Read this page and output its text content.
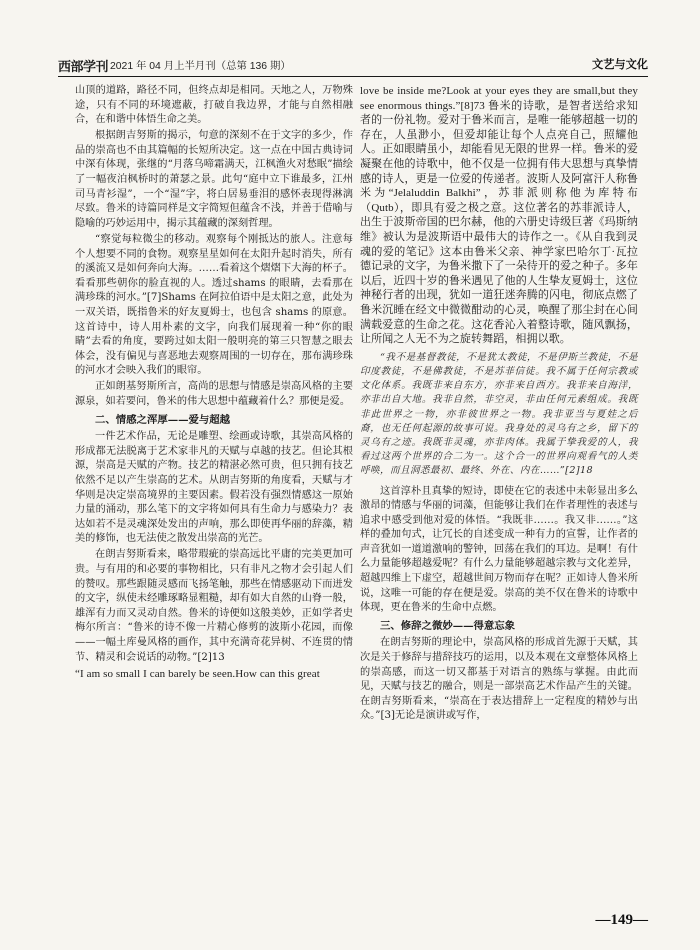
西部学刊 2021 年 04 月上半月刊（总第 136 期）	文艺与文化

山顶的道路，路径不同，但终点却是相同。天地之人，万物殊途，只有不同的环境遮蔽，打破自我边界，才能与自然相融合，在和谐中体悟生命之美。

根据朗吉努斯的揭示，句意的深刻不在于文字的多少，作品的崇高也不由其篇幅的长短所决定。这一点在中国古典诗词中深有体现，张继的“月落乌啼霜满天，江枫渔火对愁眠”描绘了一幅夜泊枫桥时的萧瑟之景。此句“庭中立下谁最多，江州司马青衫湿”，一个“湿”字，将白居易垂泪的感怀表现得淋漓尽致。鲁米的诗篇同样是文字简短但蕴含不浅，并善于借喻与隐喻的巧妙运用中，揭示其蕴藏的深刻哲理。

“察觉每粒微尘的移动。观察每个刚抵达的旅人。注意每个人想要不同的食物。观察星星如何在太阳升起时消失，所有的溪流又是如何奔向大海。……看着这个熠熠下大海的杯子。看看那些朝你的脸直视的人。透过shams 的眼睛，去看那在满珍珠的河水。”[7]Shams 在阿拉伯语中是太阳之意，此处为一双关语，既指鲁米的好友夏姆士，也包含 shams 的原意。这首诗中，诗人用朴素的文字，向我们展现着一种“你的眼睛”去看的角度，要跨过如太阳一般明亮的第三只智慧之眼去体会，没有偏见与喜恶地去观察周围的一切存在，那布满珍珠的河水才会映入我们的眼帘。

正如朗基努斯所言，高尚的思想与情感是崇高风格的主要源泉，如若要问，鲁米的伟大思想中蕴藏着什么？那便是爱。

二、情感之浑厚——爱与超越

一件艺术作品，无论是雕塑、绘画或诗歌，其崇高风格的形成都无法脱离于艺术家非凡的天赋与卓越的技艺。但论其根源，崇高是天赋的产物。技艺的精湛必然可贵，但只拥有技艺依然不足以产生崇高的艺术。从朗吉努斯的角度看，天赋与才华则是决定崇高境界的主要因素。假若没有强烈情感这一原始力量的涌动，那么笔下的文字将如何具有生命力与感染力？表达如若不是灵魂深处发出的声响，那么即使再华丽的辞藻，精美的修饰，也无法使之散发出崇高的光芒。

在朗吉努斯看来，略带瑕疵的崇高远比平庸的完美更加可贵。与有用的和必要的事物相比，只有非凡之物才会引起人们的赞叹。那些跟随灵感而飞扬笔触，那些在情感驱动下而迸发的文字，纵使未经雕琢略显粗糙，却有如大自然的山脊一般，雄浑有力而又灵动自然。鲁米的诗便如这般美妙，正如学者史梅尔所言：“鲁米的诗不像一片精心修剪的波斯小花园，而像——一幅土库曼风格的画作，其中充满奇花异树、不连贯的情节、精灵和会说话的动物。”[2]13

“I am so small I can barely be seen.How can this great

love be inside me?Look at your eyes they are small,but they see enormous things.”[8]73 鲁米的诗歌，是智者送给求知者的一份礼物。爱对于鲁米而言，是唯一能够超越一切的存在，人虽渺小，但爱却能让每个人点亮自己，照耀他人。正如眼睛虽小，却能看见无限的世界一样。鲁米的爱凝聚在他的诗歌中，他不仅是一位拥有伟大思想与真挚情感的诗人，更是一位爱的传递者。波斯人及阿富汗人称鲁米为“Jelaluddin Balkhi”，苏菲派则称他为库特布（Qutb），即具有爱之极之意。这位著名的苏菲派诗人，出生于波斯帝国的巴尔赫，他的六册史诗级巨著《玛斯纳维》被认为是波斯语中最伟大的诗作之一。《从自我到灵魂的爱的笔记》这本由鲁米父亲、神学家巴哈尔丁·瓦拉德记录的文字，为鲁米撒下了一朵待开的爱之种子。多年以后，近四十岁的鲁米遇见了他的人生挚友夏姆士，这位神秘行者的出现，犹如一道狂迷奔腾的闪电，彻底点燃了鲁米沉睡在经文中微微酣动的心灵，唤醒了那尘封在心间满载爱意的生命之花。这花香沁入着整诗歌，随风飘扬，让所闻之人无不为之旋转舞蹈，相拥以歌。

“我不是基督教徒，不是犹太教徒，不是伊斯兰教徒，不是印度教徒，不是佛教徒，不是苏菲信徒。我不属于任何宗教或文化体系。我既非来自东方，亦非来自西方。我非来自海洋，亦非出自大地。我非自然，非空灵，非由任何元素组成。我既非此世界之一物，亦非彼世界之一物。我非亚当与夏娃之后裔，也无任何起源的故事可说。我身处的灵乌有之乡，留下的灵乌有之迹。我既非灵魂，亦非肉体。我属于挚我爱的人，我看过这两个世界的合二为一。这个合一的世界向观看气的人类呼唤，而且洞悉最初、最终、外在、内在……”[2]18

这首淳朴且真挚的短诗，即使在它的表述中未彰显出多么激昂的情感与华丽的词藻，但能够让我们在作者理性的表述与追求中感受到他对爱的体悟。“我既非……。我又非……。”这样的叠加句式，让冗长的自述变成一种有力的宣誓，让作者的声音犹如一道道激响的警钟，回荡在我们的耳边。是啊！有什么力量能够超越爱呢？有什么力量能够超越宗教与文化差异，超越四维上下虚空，超越世间万物而存在呢？正如诗人鲁米所说，这唯一可能的存在便是爱。崇高的美不仅在鲁米的诗歌中体现，更在鲁米的生命中点燃。

三、修辞之微妙——得意忘象

在朗吉努斯的理论中，崇高风格的形成首先源于天赋，其次是关于修辞与措辞技巧的运用，以及本观在文章整体风格上的崇高感，而这一切又都基于对语言的熟练与掌握。由此而见，天赋与技艺的融合，则是一部崇高艺术作品产生的关键。在朗吉努斯看来，“崇高在于表达措辞上一定程度的精妙与出众。”[3]无论是演讲或写作，

—149—
